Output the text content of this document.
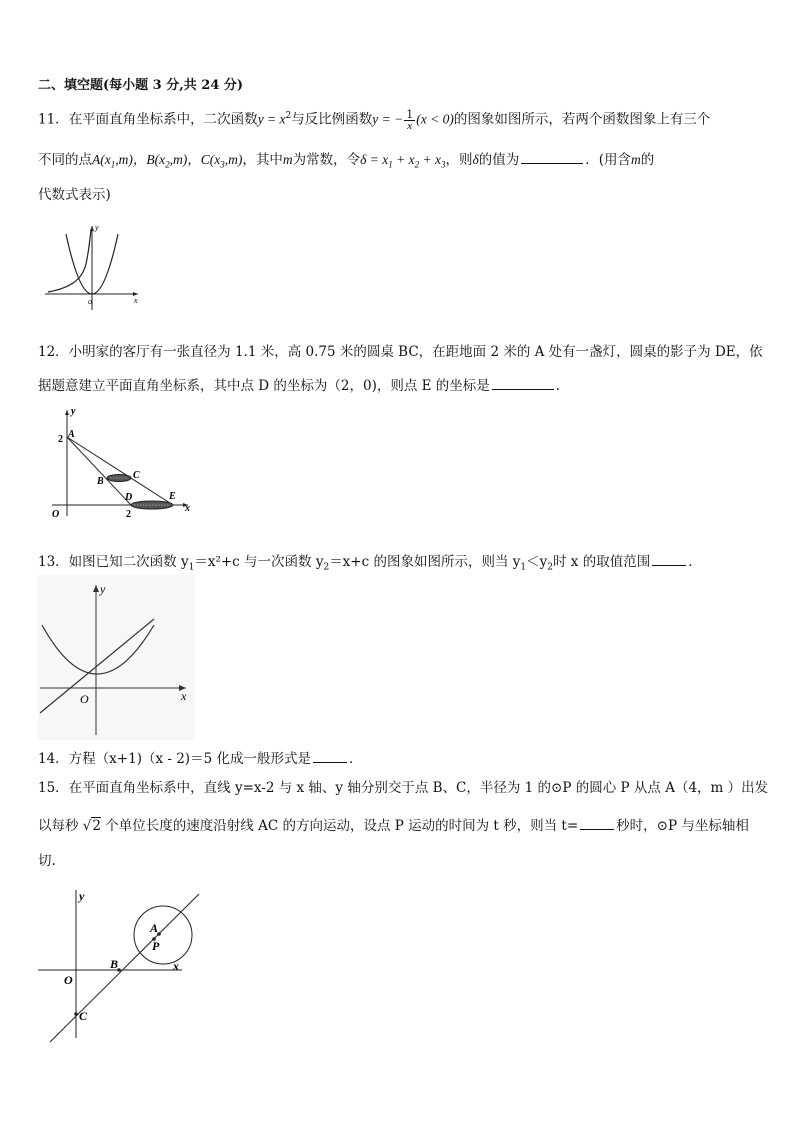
二、填空题(每小题 3 分,共 24 分)
11．在平面直角坐标系中，二次函数$y = x^2$与反比例函数y = − $\frac{1}{x} (x < 0)$的图象如图所示，若两个函数图象上有三个
不同的点$A(x_1,m)$，$B(x_2,m)$，$C(x_3,m)$，其中m为常数，令$\delta = x_1 + x_2 + x_3$，则δ的值为	．(用含m的
代数式表示)
y
o	x
12．小明家的客厅有一张直径为 1.1 米，高 0.75 米的圆桌 BC，在距地面 2 米的 A 处有一盏灯，圆桌的影子为 DE，依
据题意建立平面直角坐标系，其中点 D 的坐标为（2，0)，则点 E 的坐标是	．
A
2
y
B
C
D	E
O	2
x
13．如图已知二次函数 $y_1=x^2+c$ 与一次函数 $y_2=x+c$ 的图象如图所示，则当 $y_1<y_2$时 x 的取值范围	．
y
O	x
14．方程（x+1)（x - 2)＝5 化成一般形式是	．
15．在平面直角坐标系中，直线 y=x-2 与 x 轴、y 轴分别交于点 B、C，半径为 1 的⊙P 的圆心 P 从点 A（4，m ）出发
以每秒 √2 个单位长度的速度沿射线 AC 的方向运动，设点 P 运动的时间为 t 秒，则当 t=	秒时，⊙P 与坐标轴相
切.
A
P
B
C
O
x
y
